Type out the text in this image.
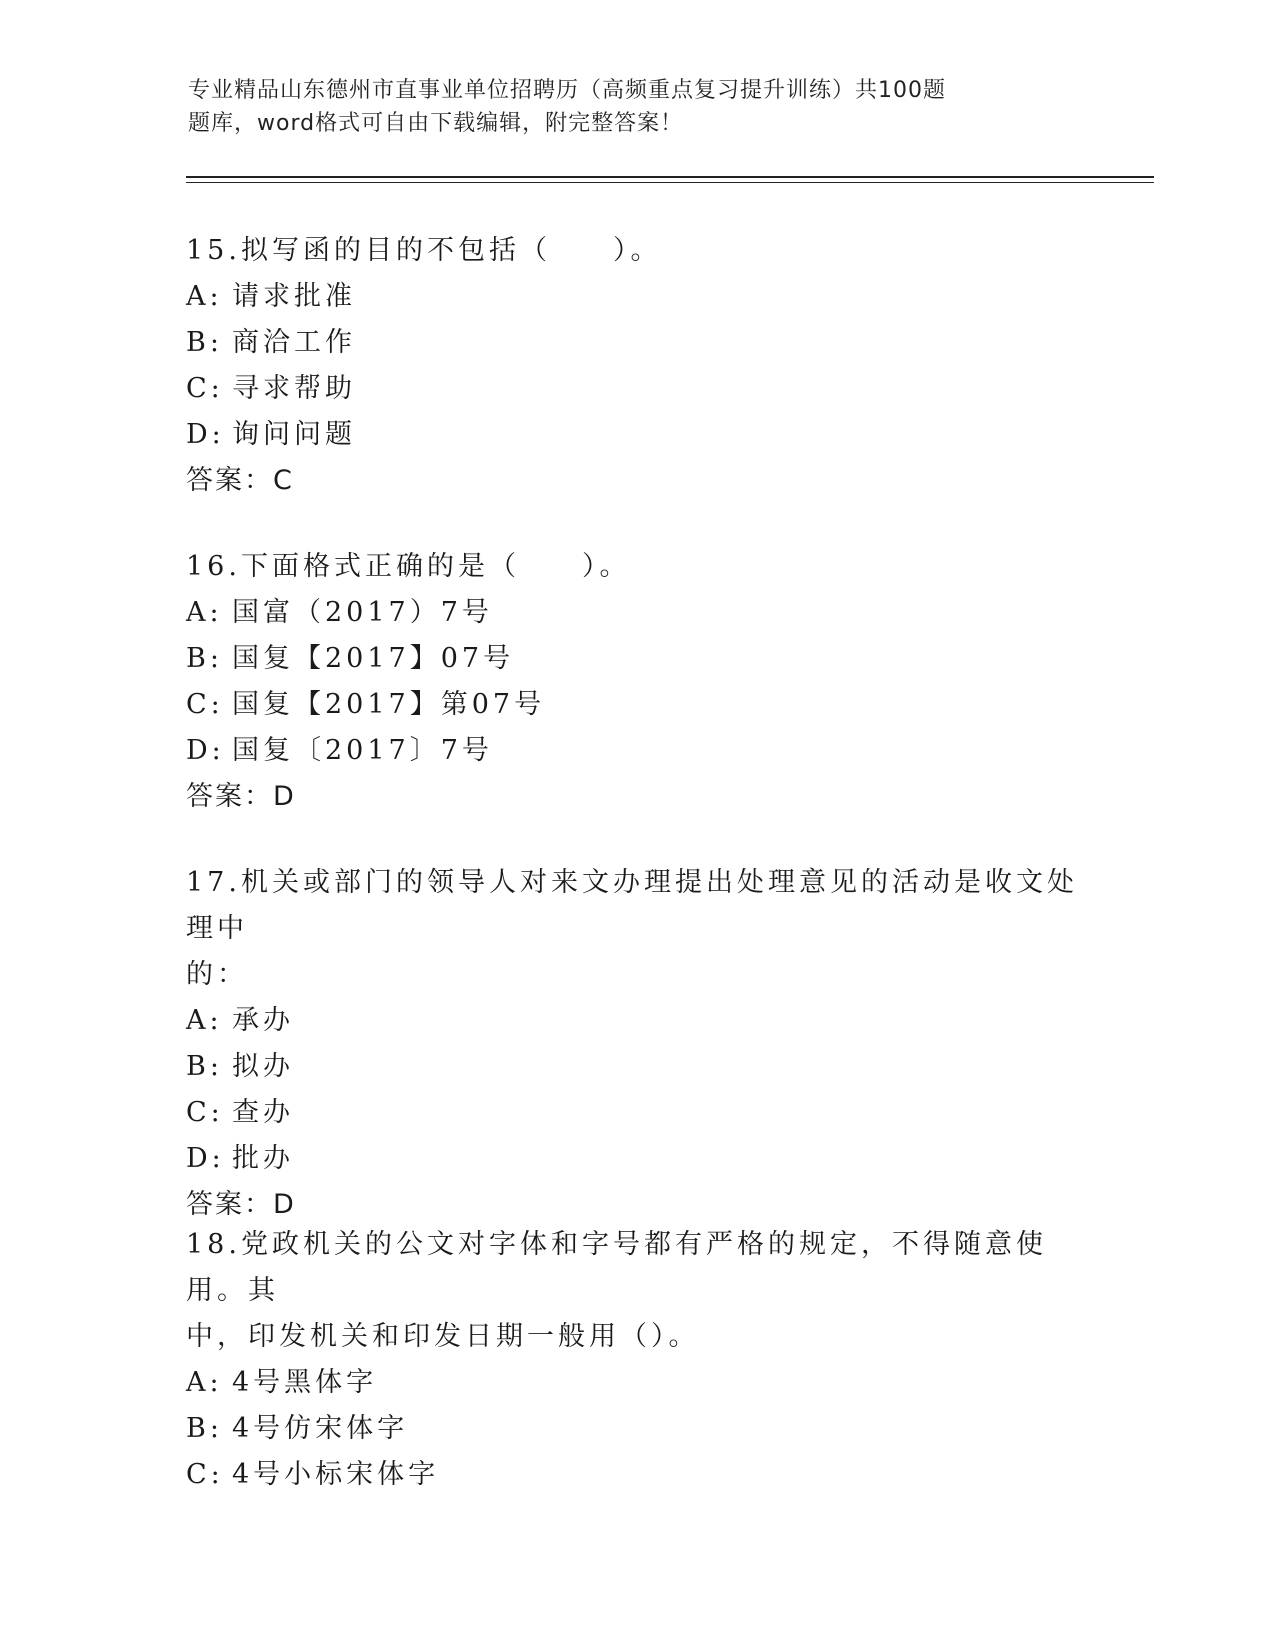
专业精品山东德州市直事业单位招聘历（高频重点复习提升训练）共100题
题库，word格式可自由下载编辑，附完整答案！
15.拟写函的目的不包括（　　）。
A: 请求批准
B: 商洽工作
C: 寻求帮助
D: 询问问题
答案：C
16.下面格式正确的是（　　）。
A: 国富（2017）7号
B: 国复【2017】07号
C: 国复【2017】第07号
D: 国复〔2017〕7号
答案：D
17.机关或部门的领导人对来文办理提出处理意见的活动是收文处理中
的：
A: 承办
B: 拟办
C: 查办
D: 批办
答案：D
18.党政机关的公文对字体和字号都有严格的规定，不得随意使用。其
中，印发机关和印发日期一般用（）。
A: 4号黑体字
B: 4号仿宋体字
C: 4号小标宋体字
